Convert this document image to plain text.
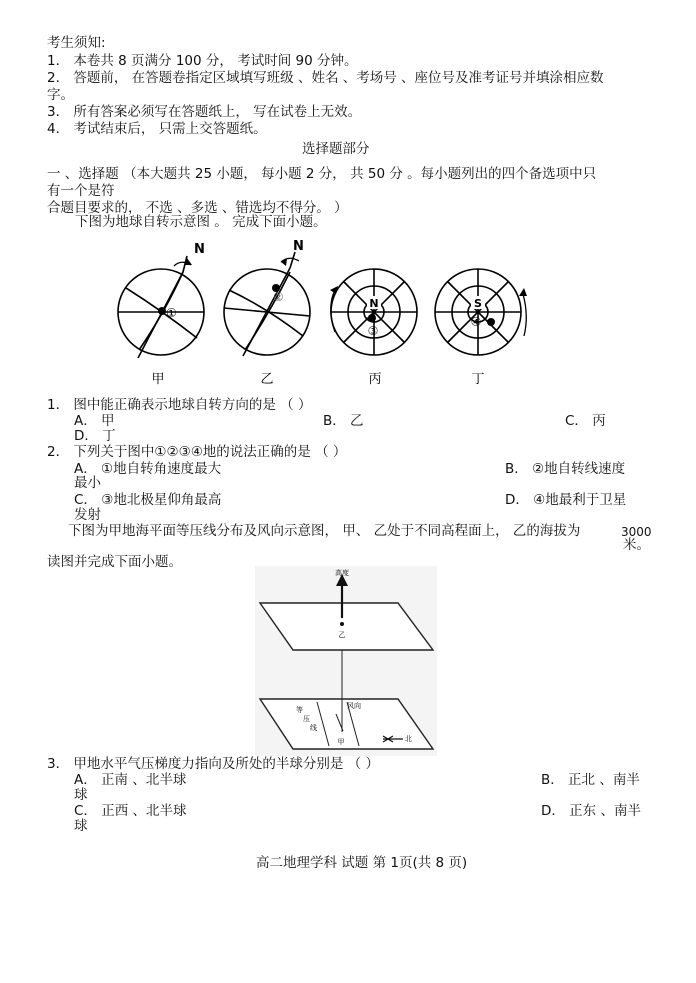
考生须知:
1． 本卷共 8 页满分 100 分， 考试时间 90 分钟。
2． 答题前， 在答题卷指定区域填写班级 、姓名 、考场号 、座位号及准考证号并填涂相应数
字。
3． 所有答案必须写在答题纸上， 写在试卷上无效。
4． 考试结束后， 只需上交答题纸。
选择题部分
一 、选择题 （本大题共 25 小题， 每小题 2 分， 共 50 分 。每小题列出的四个备选项中只
有一个是符
合题目要求的， 不选 、多选 、错选均不得分。 ）
下图为地球自转示意图 。 完成下面小题。
N
①
N
②	N
③
S
④
甲	乙	丙	丁
1． 图中能正确表示地球自转方向的是 （ ）
A． 甲	B． 乙	C． 丙
D． 丁
2． 下列关于图中①②③④地的说法正确的是 （ ）
A． ①地自转角速度最大	B． ②地自转线速度
最小
C． ③地北极星仰角最高	D． ④地最利于卫星
发射
下图为甲地海平面等压线分布及风向示意图， 甲、 乙处于不同高程面上， 乙的海拔为	3000
米。
读图并完成下面小题。
高度
乙
等
压
线
风向
甲	北
3． 甲地水平气压梯度力指向及所处的半球分别是 （ ）
A． 正南 、北半球	B． 正北 、南半
球
C． 正西 、北半球	D． 正东 、南半
球
高二地理学科 试题 第 1页(共 8 页)
